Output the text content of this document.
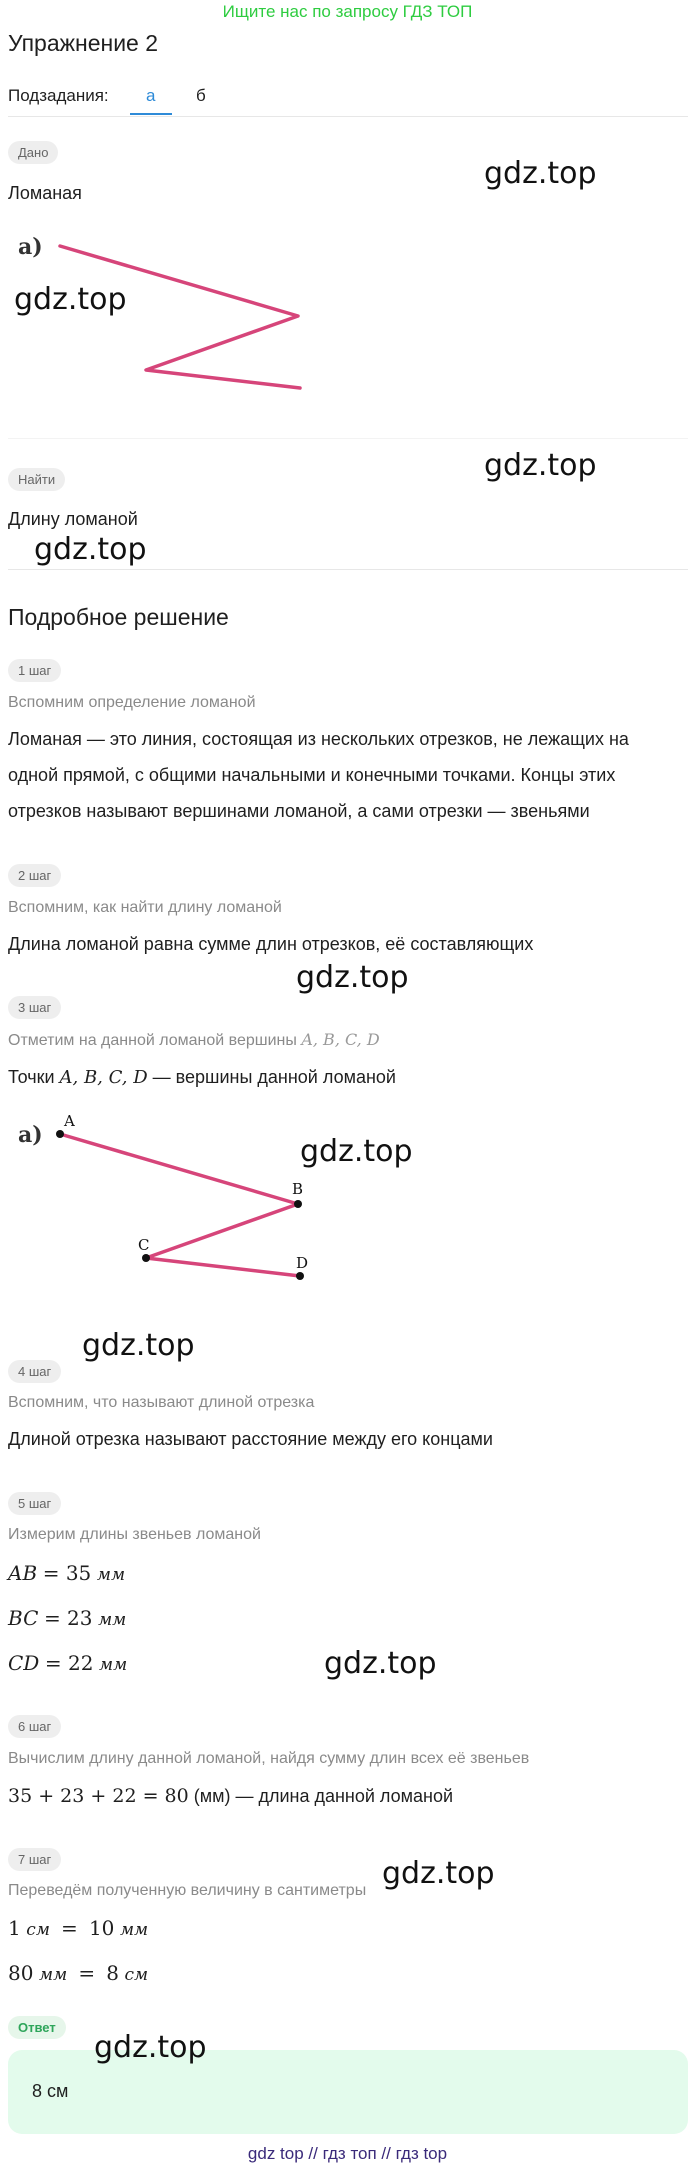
Ищите нас по запросу ГДЗ ТОП
Упражнение 2
Подзадания: а б
Дано
Ломаная
а)
Найти
Длину ломаной
Подробное решение
1 шаг
Вспомним определение ломаной
Ломаная — это линия, состоящая из нескольких отрезков, не лежащих на
одной прямой, с общими начальными и конечными точками. Концы этих
отрезков называют вершинами ломаной, а сами отрезки — звеньями
2 шаг
Вспомним, как найти длину ломаной
Длина ломаной равна сумме длин отрезков, её составляющих
3 шаг
Отметим на данной ломаной вершины A, B, C, D
Точки A, B, C, D — вершины данной ломаной
а)
A
B
C
D
4 шаг
Вспомним, что называют длиной отрезка
Длиной отрезка называют расстояние между его концами
5 шаг
Измерим длины звеньев ломаной
AB = 35 мм
BC = 23 мм
CD = 22 мм
6 шаг
Вычислим длину данной ломаной, найдя сумму длин всех её звеньев
35 + 23 + 22 = 80 (мм) — длина данной ломаной
7 шаг
Переведём полученную величину в сантиметры
1 см = 10 мм
80 мм = 8 см
Ответ
8 см
gdz.top
gdz.top
gdz.top
gdz.top
gdz.top
gdz.top
gdz.top
gdz.top
gdz.top
gdz.top
gdz top // гдз топ // гдз top
